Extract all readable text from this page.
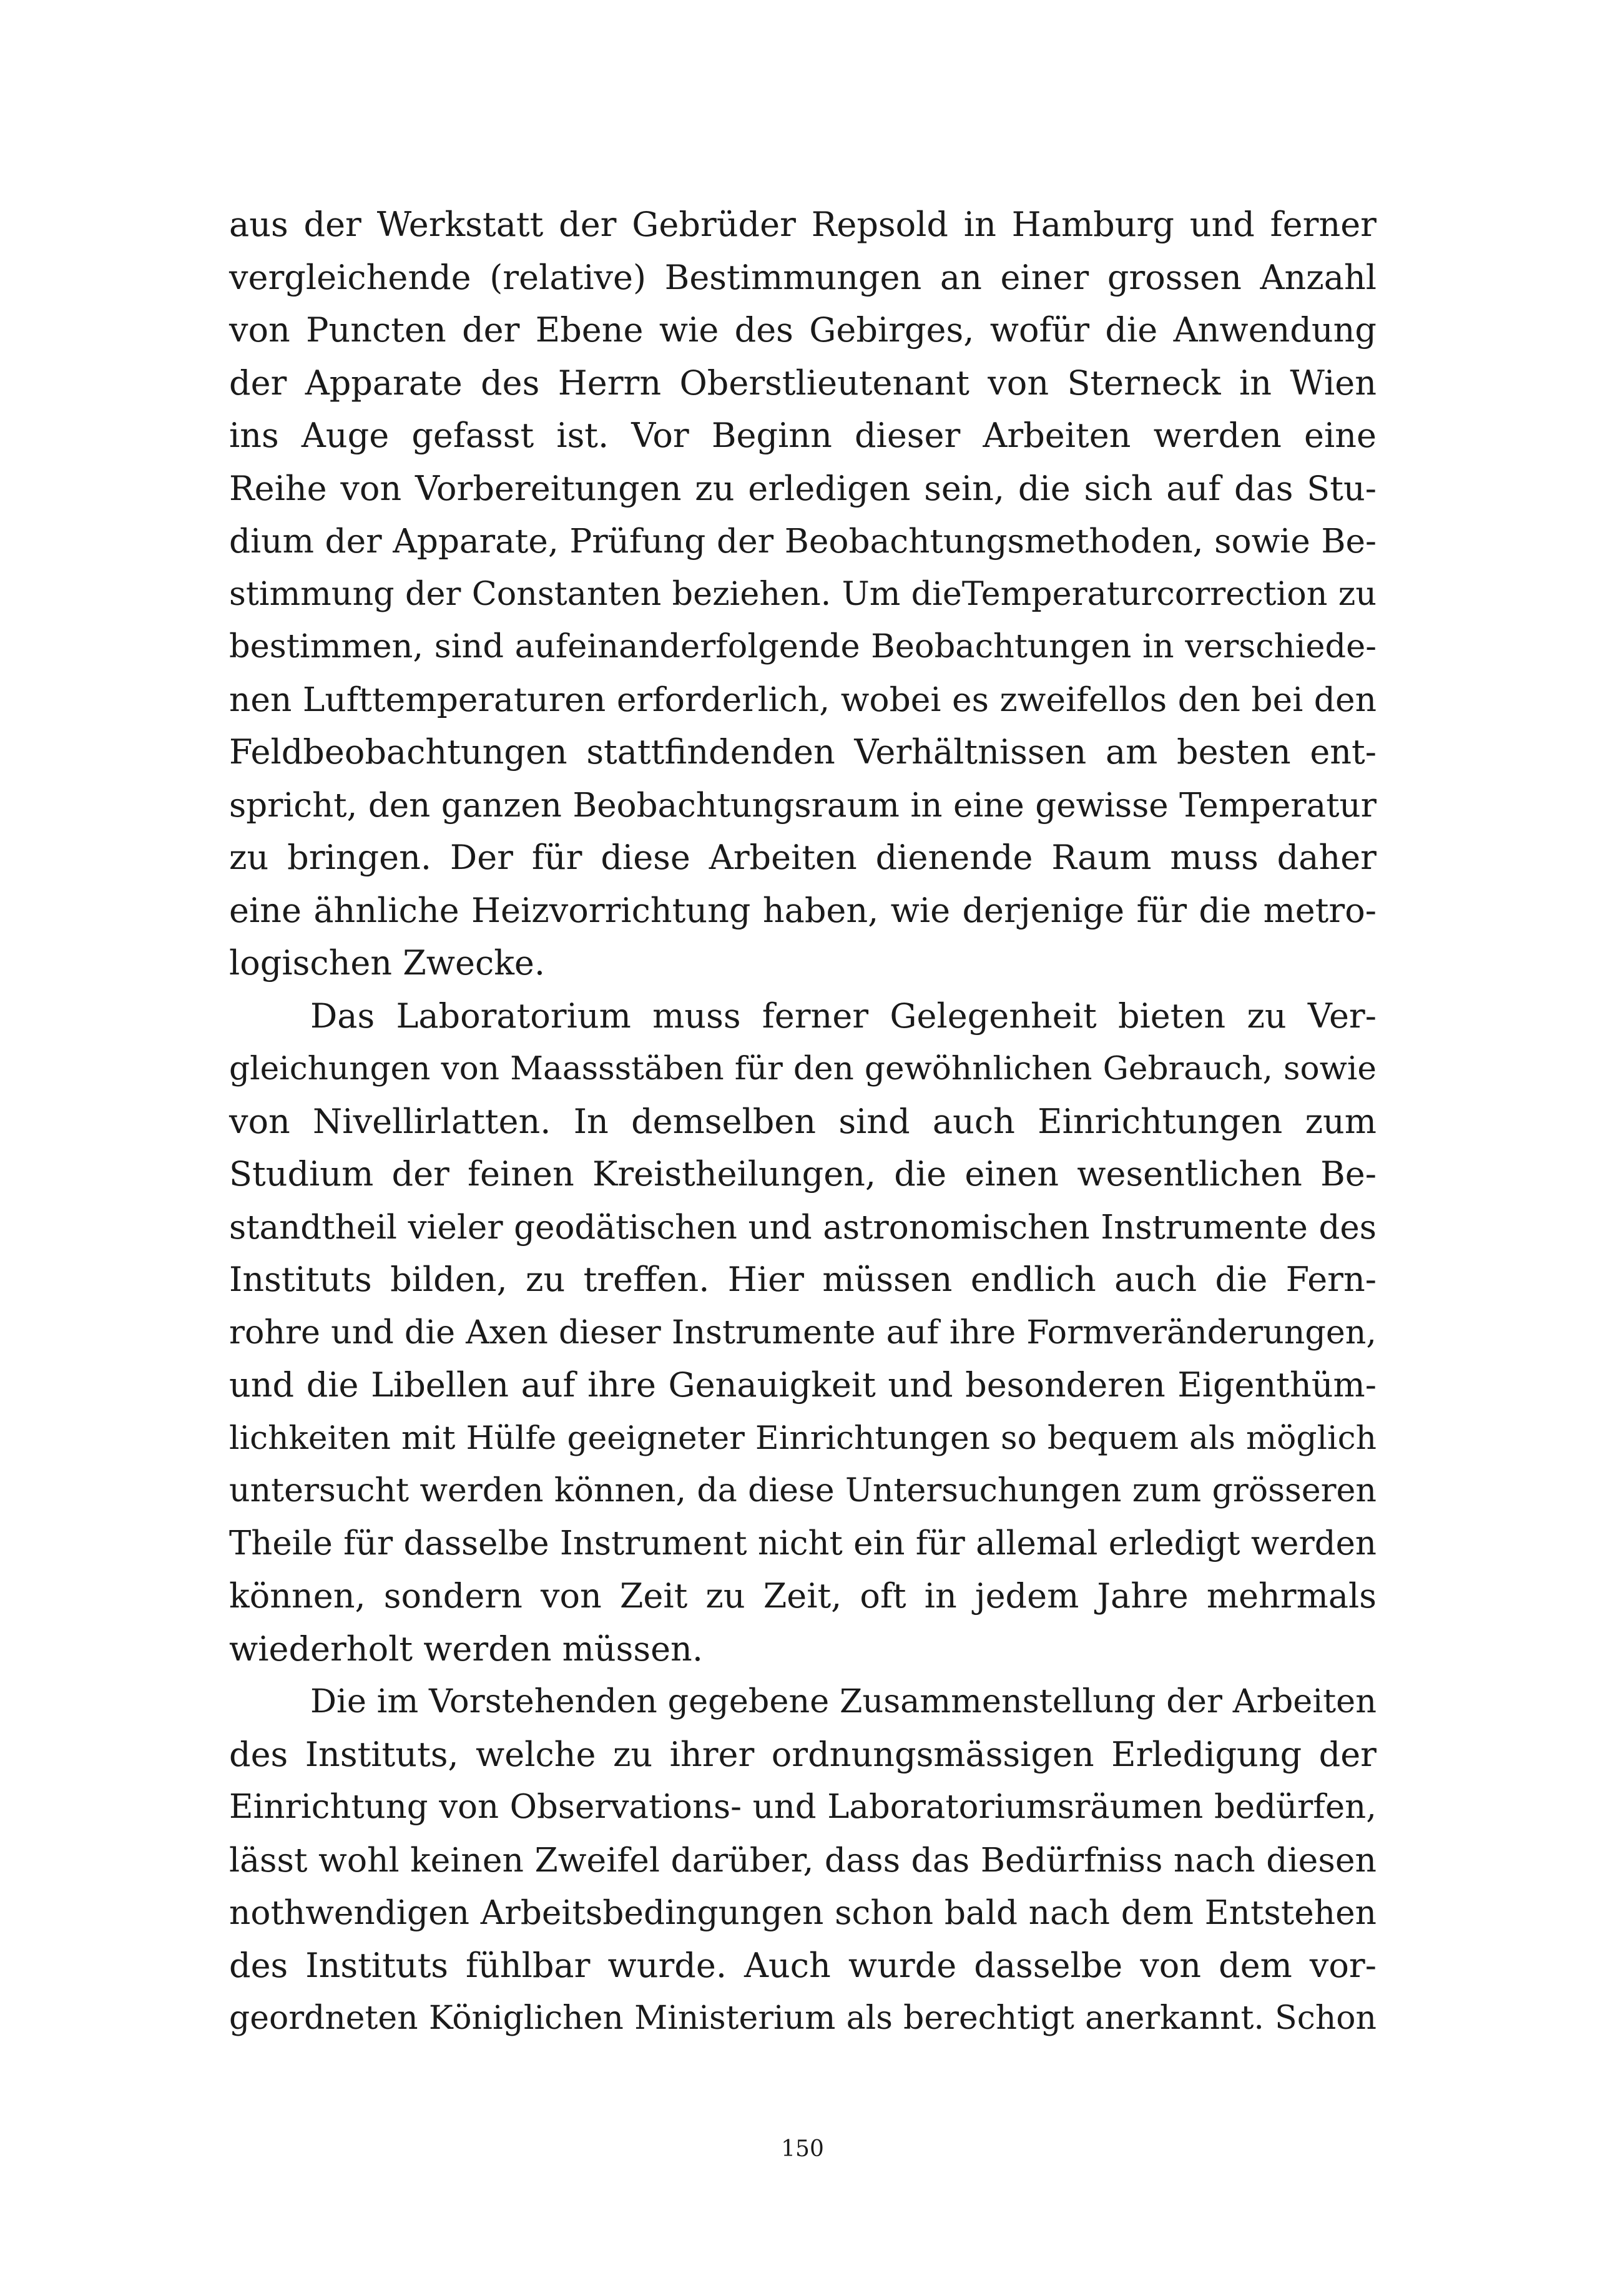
aus der Werkstatt der Gebrüder Repsold in Hamburg und ferner
vergleichende (relative) Bestimmungen an einer grossen Anzahl
von Puncten der Ebene wie des Gebirges, wofür die Anwendung
der Apparate des Herrn Oberstlieutenant von Sterneck in Wien
ins Auge gefasst ist. Vor Beginn dieser Arbeiten werden eine
Reihe von Vorbereitungen zu erledigen sein, die sich auf das Stu-
dium der Apparate, Prüfung der Beobachtungsmethoden, sowie Be-
stimmung der Constanten beziehen. Um dieTemperaturcorrection zu
bestimmen, sind aufeinanderfolgende Beobachtungen in verschiede-
nen Lufttemperaturen erforderlich, wobei es zweifellos den bei den
Feldbeobachtungen stattfindenden Verhältnissen am besten ent-
spricht, den ganzen Beobachtungsraum in eine gewisse Temperatur
zu bringen. Der für diese Arbeiten dienende Raum muss daher
eine ähnliche Heizvorrichtung haben, wie derjenige für die metro-
logischen Zwecke.
Das Laboratorium muss ferner Gelegenheit bieten zu Ver-
gleichungen von Maassstäben für den gewöhnlichen Gebrauch, sowie
von Nivellirlatten. In demselben sind auch Einrichtungen zum
Studium der feinen Kreistheilungen, die einen wesentlichen Be-
standtheil vieler geodätischen und astronomischen Instrumente des
Instituts bilden, zu treffen. Hier müssen endlich auch die Fern-
rohre und die Axen dieser Instrumente auf ihre Formveränderungen,
und die Libellen auf ihre Genauigkeit und besonderen Eigenthüm-
lichkeiten mit Hülfe geeigneter Einrichtungen so bequem als möglich
untersucht werden können, da diese Untersuchungen zum grösseren
Theile für dasselbe Instrument nicht ein für allemal erledigt werden
können, sondern von Zeit zu Zeit, oft in jedem Jahre mehrmals
wiederholt werden müssen.
Die im Vorstehenden gegebene Zusammenstellung der Arbeiten
des Instituts, welche zu ihrer ordnungsmässigen Erledigung der
Einrichtung von Observations- und Laboratoriumsräumen bedürfen,
lässt wohl keinen Zweifel darüber, dass das Bedürfniss nach diesen
nothwendigen Arbeitsbedingungen schon bald nach dem Entstehen
des Instituts fühlbar wurde. Auch wurde dasselbe von dem vor-
geordneten Königlichen Ministerium als berechtigt anerkannt. Schon
150
